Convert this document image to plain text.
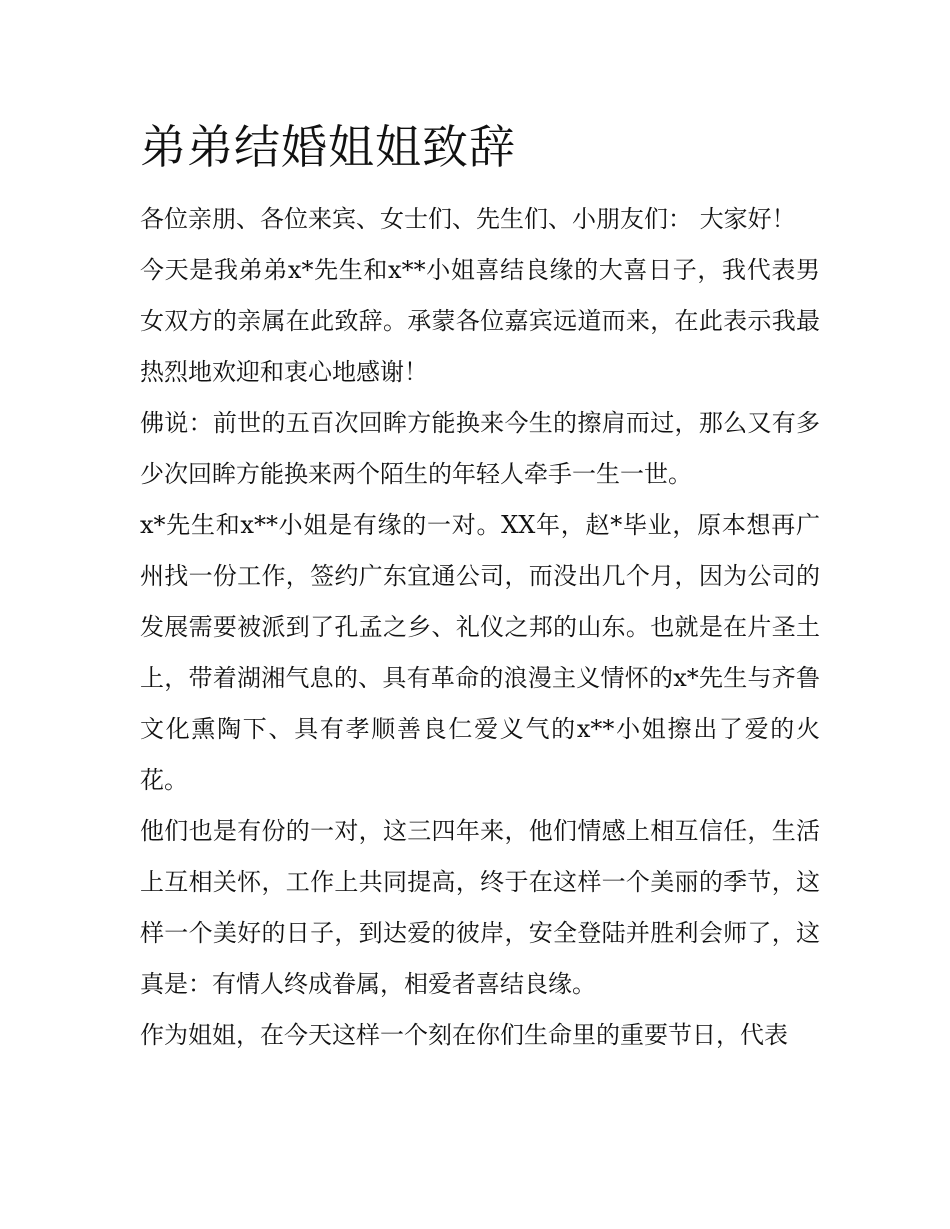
弟弟结婚姐姐致辞

各位亲朋、各位来宾、女士们、先生们、小朋友们： 大家好！

今天是我弟弟x*先生和x**小姐喜结良缘的大喜日子，我代表男女双方的亲属在此致辞。承蒙各位嘉宾远道而来，在此表示我最热烈地欢迎和衷心地感谢！

佛说：前世的五百次回眸方能换来今生的擦肩而过，那么又有多少次回眸方能换来两个陌生的年轻人牵手一生一世。

x*先生和x**小姐是有缘的一对。XX年，赵*毕业，原本想再广州找一份工作，签约广东宜通公司，而没出几个月，因为公司的发展需要被派到了孔孟之乡、礼仪之邦的山东。也就是在片圣土上，带着湖湘气息的、具有革命的浪漫主义情怀的x*先生与齐鲁文化熏陶下、具有孝顺善良仁爱义气的x**小姐擦出了爱的火花。

他们也是有份的一对，这三四年来，他们情感上相互信任，生活上互相关怀，工作上共同提高，终于在这样一个美丽的季节，这样一个美好的日子，到达爱的彼岸，安全登陆并胜利会师了，这真是：有情人终成眷属，相爱者喜结良缘。

作为姐姐，在今天这样一个刻在你们生命里的重要节日，代表
